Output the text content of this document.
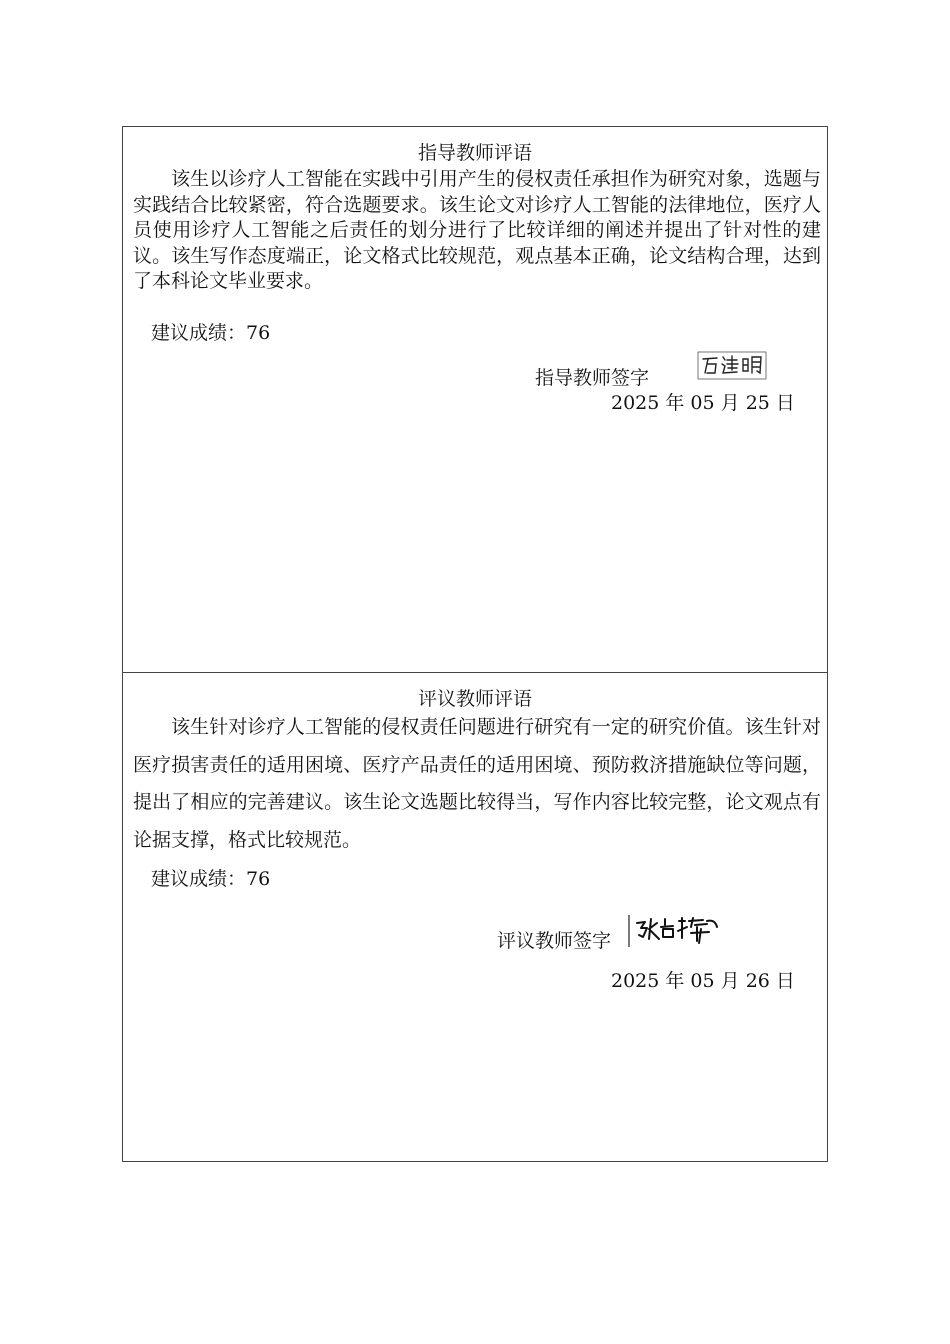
指导教师评语

该生以诊疗人工智能在实践中引用产生的侵权责任承担作为研究对象，选题与实践结合比较紧密，符合选题要求。该生论文对诊疗人工智能的法律地位，医疗人员使用诊疗人工智能之后责任的划分进行了比较详细的阐述并提出了针对性的建议。该生写作态度端正，论文格式比较规范，观点基本正确，论文结构合理，达到了本科论文毕业要求。

建议成绩：76
指导教师签字
2025 年 05 月 25 日
评议教师评语

该生针对诊疗人工智能的侵权责任问题进行研究有一定的研究价值。该生针对医疗损害责任的适用困境、医疗产品责任的适用困境、预防救济措施缺位等问题，提出了相应的完善建议。该生论文选题比较得当，写作内容比较完整，论文观点有论据支撑，格式比较规范。

建议成绩：76
评议教师签字
2025 年 05 月 26 日
